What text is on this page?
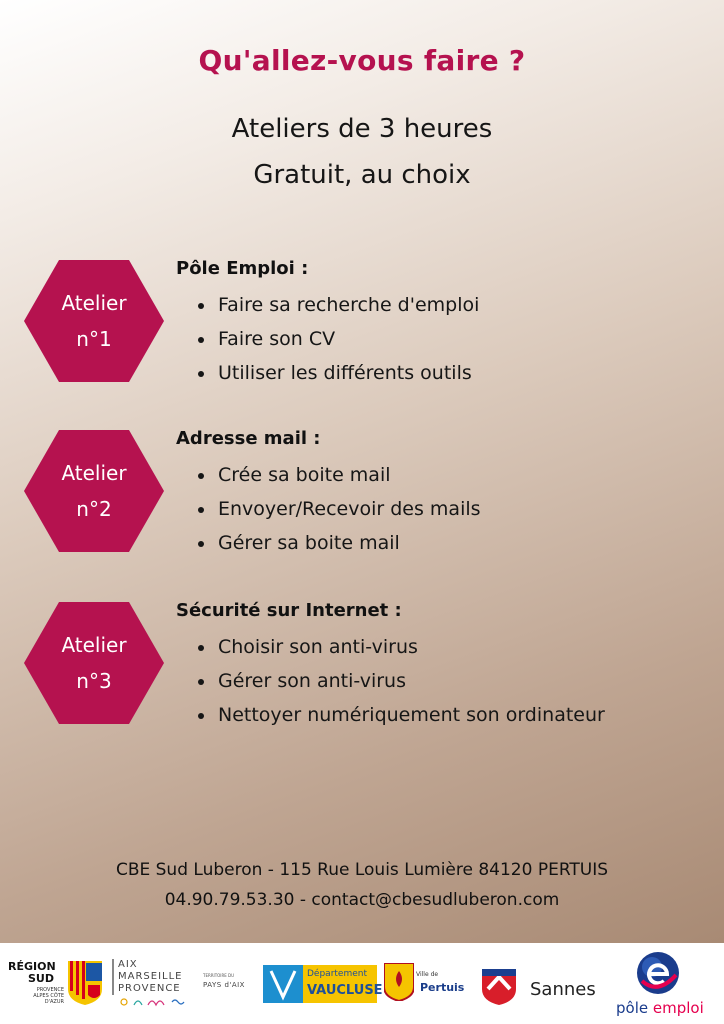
Qu'allez-vous faire ?
Ateliers de 3 heures
Gratuit, au choix
Atelier
n°1
Pôle Emploi :
Faire sa recherche d'emploi
Faire son CV
Utiliser les différents outils
Atelier
n°2
Adresse mail :
Crée sa boite mail
Envoyer/Recevoir des mails
Gérer sa boite mail
Atelier
n°3
Sécurité sur Internet :
Choisir son anti-virus
Gérer son anti-virus
Nettoyer numériquement son ordinateur
CBE Sud Luberon - 115 Rue Louis Lumière 84120 PERTUIS
04.90.79.53.30 - contact@cbesudluberon.com
RÉGION
SUD
PROVENCE ALPES CÔTE D'AZUR
AIX
MARSEILLE
PROVENCE
TERRITOIRE DU
PAYS d'AIX
Département
VAUCLUSE
Ville de
Pertuis	Sannes
pôle emploi
